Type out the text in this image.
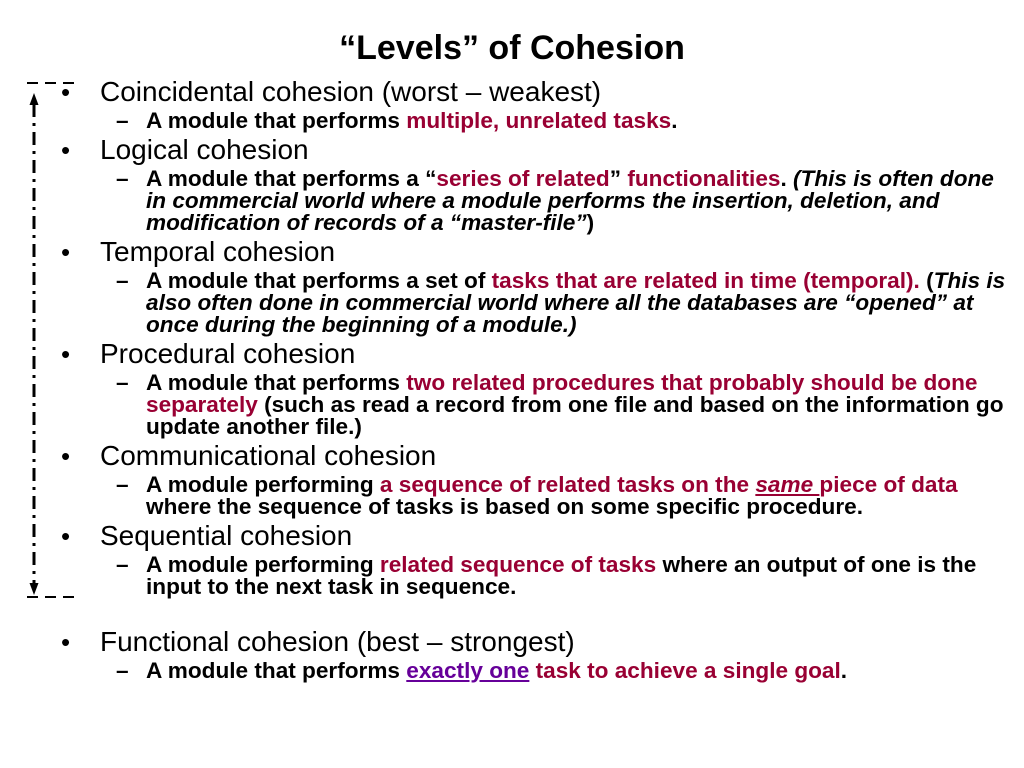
“Levels” of Cohesion
• Coincidental cohesion (worst – weakest)
– A module that performs multiple, unrelated tasks.
• Logical cohesion
– A module that performs a “series of related” functionalities. (This is often done
in commercial world where a module performs the insertion, deletion, and
modification of records of a “master-file”)
• Temporal cohesion
– A module that performs a set of tasks that are related in time (temporal). (This is
also often done in commercial world where all the databases are “opened” at
once during the beginning of a module.)
• Procedural cohesion
– A module that performs two related procedures that probably should be done
separately (such as read a record from one file and based on the information go
update another file.)
• Communicational cohesion
– A module performing a sequence of related tasks on the same piece of data
where the sequence of tasks is based on some specific procedure.
• Sequential cohesion
– A module performing related sequence of tasks where an output of one is the
input to the next task in sequence.
• Functional cohesion (best – strongest)
– A module that performs exactly one task to achieve a single goal.
